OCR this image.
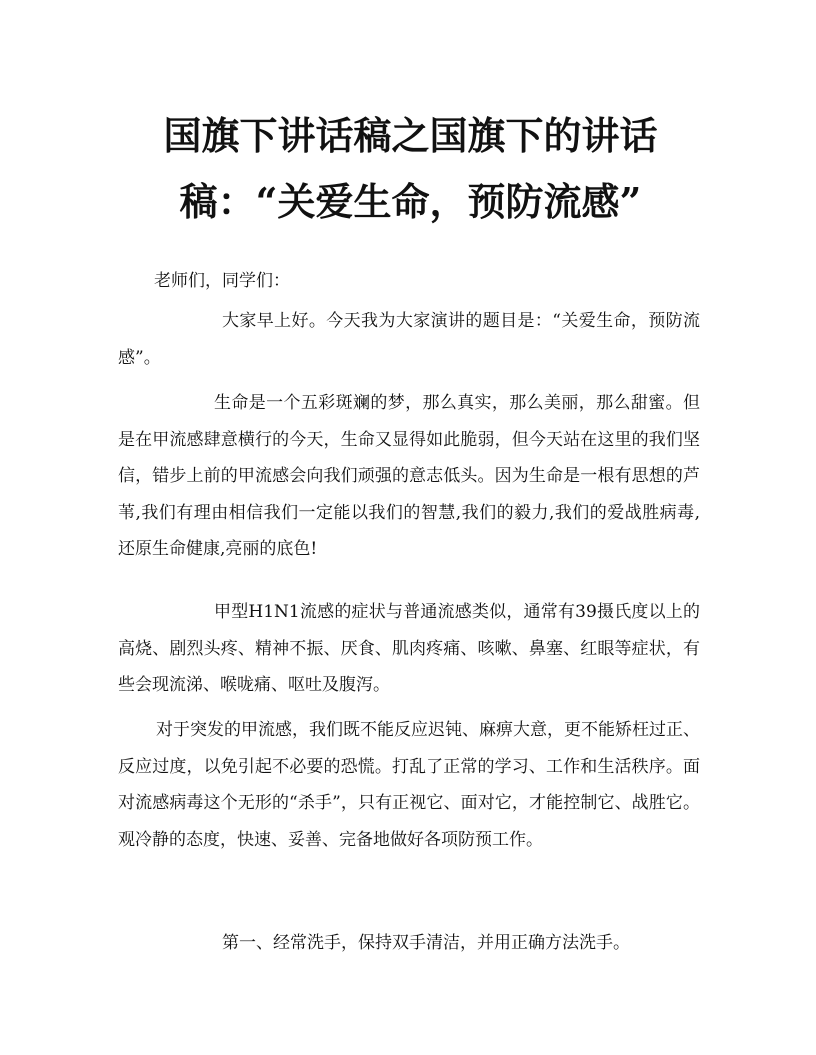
国旗下讲话稿之国旗下的讲话稿：“关爱生命，预防流感”

老师们，同学们：

大家早上好。今天我为大家演讲的题目是：“关爱生命，预防流感”。

生命是一个五彩斑斓的梦，那么真实，那么美丽，那么甜蜜。但是在甲流感肆意横行的今天，生命又显得如此脆弱，但今天站在这里的我们坚信，错步上前的甲流感会向我们顽强的意志低头。因为生命是一根有思想的芦苇,我们有理由相信我们一定能以我们的智慧,我们的毅力,我们的爱战胜病毒,还原生命健康,亮丽的底色!

甲型H1N1流感的症状与普通流感类似，通常有39摄氏度以上的高烧、剧烈头疼、精神不振、厌食、肌肉疼痛、咳嗽、鼻塞、红眼等症状，有些会现流涕、喉咙痛、呕吐及腹泻。

对于突发的甲流感，我们既不能反应迟钝、麻痹大意，更不能矫枉过正、反应过度，以免引起不必要的恐慌。打乱了正常的学习、工作和生活秩序。面对流感病毒这个无形的“杀手”，只有正视它、面对它，才能控制它、战胜它。观冷静的态度，快速、妥善、完备地做好各项防预工作。

第一、经常洗手，保持双手清洁，并用正确方法洗手。
